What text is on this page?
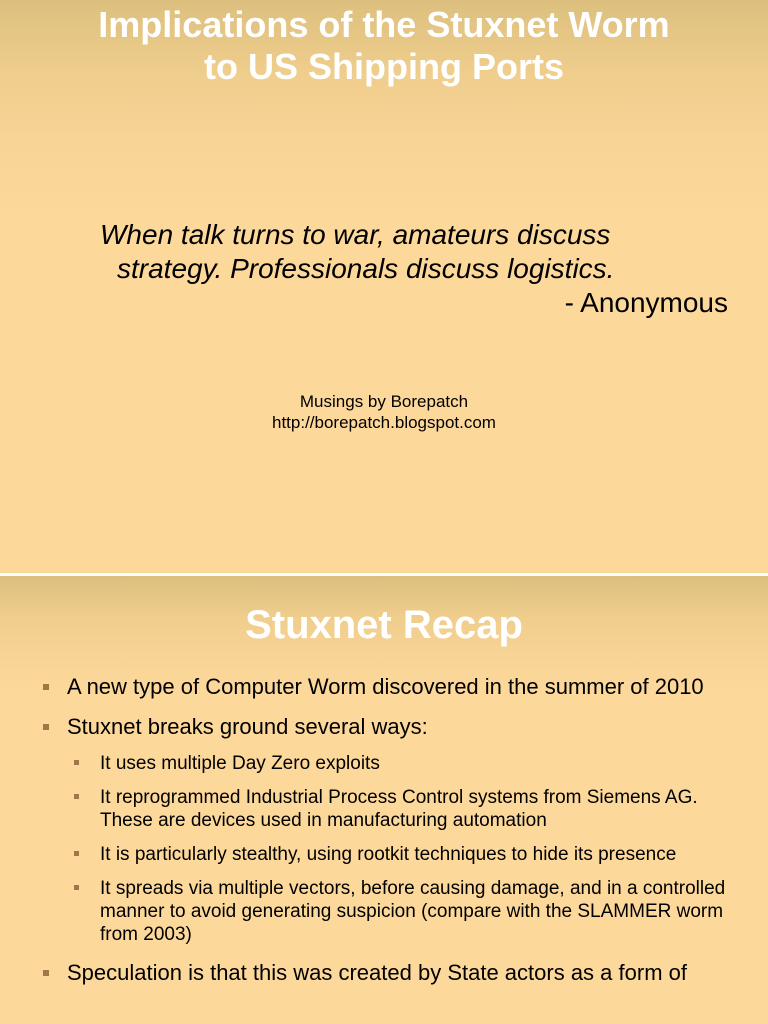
Implications of the Stuxnet Worm
to US Shipping Ports
When talk turns to war, amateurs discuss
strategy. Professionals discuss logistics.
- Anonymous
Musings by Borepatch
http://borepatch.blogspot.com
Stuxnet Recap
A new type of Computer Worm discovered in the summer of 2010
Stuxnet breaks ground several ways:
It uses multiple Day Zero exploits
It reprogrammed Industrial Process Control systems from Siemens AG. These are devices used in manufacturing automation
It is particularly stealthy, using rootkit techniques to hide its presence
It spreads via multiple vectors, before causing damage, and in a controlled manner to avoid generating suspicion (compare with the SLAMMER worm from 2003)
Speculation is that this was created by State actors as a form of
